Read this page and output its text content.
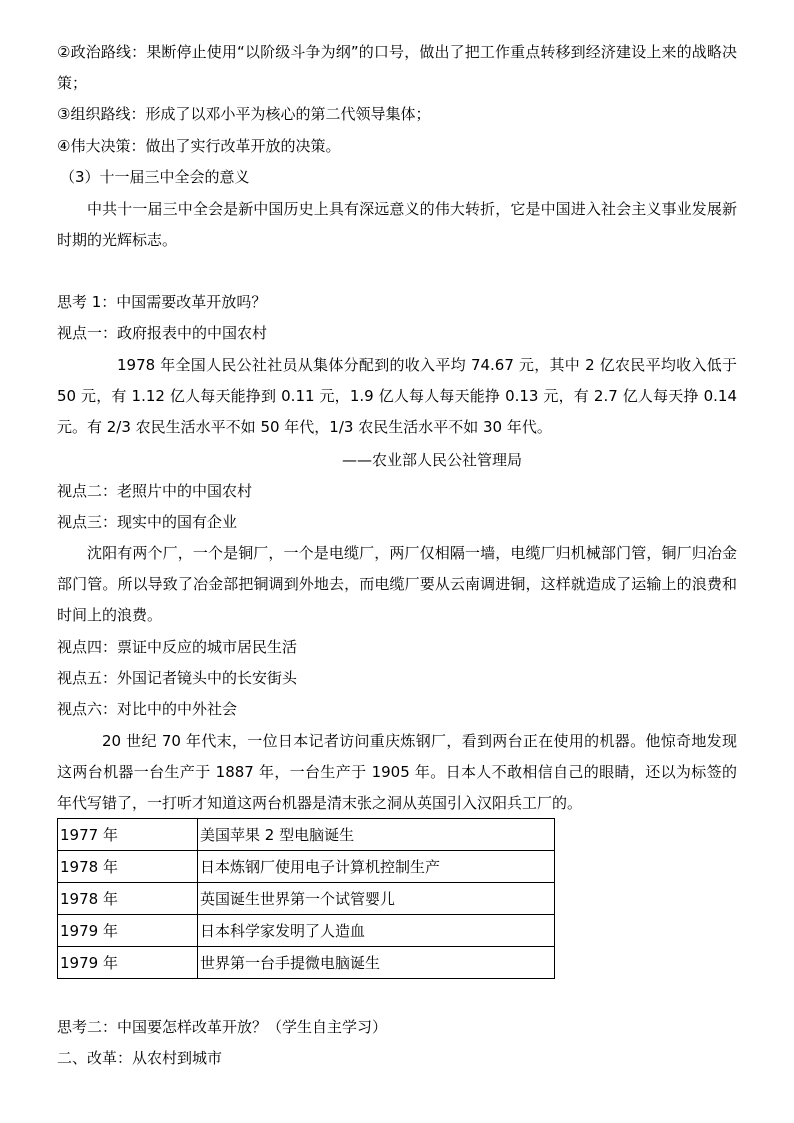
②政治路线：果断停止使用“以阶级斗争为纲”的口号，做出了把工作重点转移到经济建设上来的战略决策；
③组织路线：形成了以邓小平为核心的第二代领导集体；
④伟大决策：做出了实行改革开放的决策。
（3）十一届三中全会的意义
中共十一届三中全会是新中国历史上具有深远意义的伟大转折，它是中国进入社会主义事业发展新时期的光辉标志。
思考 1：中国需要改革开放吗？
视点一：政府报表中的中国农村
1978 年全国人民公社社员从集体分配到的收入平均 74.67 元，其中 2 亿农民平均收入低于 50 元，有 1.12 亿人每天能挣到 0.11 元，1.9 亿人每人每天能挣 0.13 元，有 2.7 亿人每天挣 0.14 元。有 2/3 农民生活水平不如 50 年代，1/3 农民生活水平不如 30 年代。
——农业部人民公社管理局
视点二：老照片中的中国农村
视点三：现实中的国有企业
沈阳有两个厂，一个是铜厂，一个是电缆厂，两厂仅相隔一墙，电缆厂归机械部门管，铜厂归冶金部门管。所以导致了冶金部把铜调到外地去，而电缆厂要从云南调进铜，这样就造成了运输上的浪费和时间上的浪费。
视点四：票证中反应的城市居民生活
视点五：外国记者镜头中的长安街头
视点六：对比中的中外社会
20 世纪 70 年代末，一位日本记者访问重庆炼钢厂，看到两台正在使用的机器。他惊奇地发现这两台机器一台生产于 1887 年，一台生产于 1905 年。日本人不敢相信自己的眼睛，还以为标签的年代写错了，一打听才知道这两台机器是清末张之洞从英国引入汉阳兵工厂的。
1977 年	美国苹果 2 型电脑诞生
1978 年	日本炼钢厂使用电子计算机控制生产
1978 年	英国诞生世界第一个试管婴儿
1979 年	日本科学家发明了人造血
1979 年	世界第一台手提微电脑诞生
思考二：中国要怎样改革开放？（学生自主学习）
二、改革：从农村到城市
